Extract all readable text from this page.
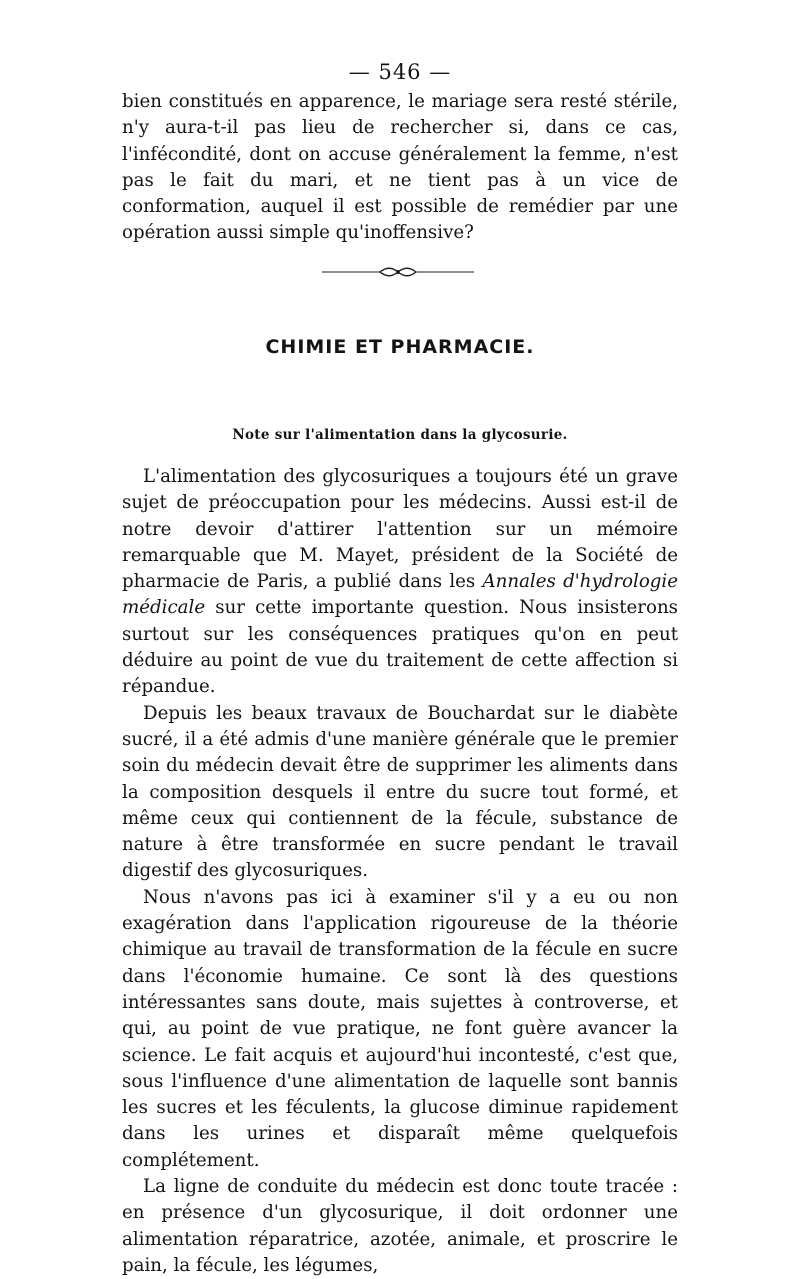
— 546 —

bien constitués en apparence, le mariage sera resté stérile, n'y aura-t-il pas lieu de rechercher si, dans ce cas, l'infécondité, dont on accuse généralement la femme, n'est pas le fait du mari, et ne tient pas à un vice de conformation, auquel il est possible de remédier par une opération aussi simple qu'inoffensive?

CHIMIE ET PHARMACIE.
Note sur l'alimentation dans la glycosurie.

L'alimentation des glycosuriques a toujours été un grave sujet de préoccupation pour les médecins. Aussi est-il de notre devoir d'attirer l'attention sur un mémoire remarquable que M. Mayet, président de la Société de pharmacie de Paris, a publié dans les Annales d'hydrologie médicale sur cette importante question. Nous insisterons surtout sur les conséquences pratiques qu'on en peut déduire au point de vue du traitement de cette affection si répandue.

Depuis les beaux travaux de Bouchardat sur le diabète sucré, il a été admis d'une manière générale que le premier soin du médecin devait être de supprimer les aliments dans la composition desquels il entre du sucre tout formé, et même ceux qui contiennent de la fécule, substance de nature à être transformée en sucre pendant le travail digestif des glycosuriques.

Nous n'avons pas ici à examiner s'il y a eu ou non exagération dans l'application rigoureuse de la théorie chimique au travail de transformation de la fécule en sucre dans l'économie humaine. Ce sont là des questions intéressantes sans doute, mais sujettes à controverse, et qui, au point de vue pratique, ne font guère avancer la science. Le fait acquis et aujourd'hui incontesté, c'est que, sous l'influence d'une alimentation de laquelle sont bannis les sucres et les féculents, la glucose diminue rapidement dans les urines et disparaît même quelquefois complétement.

La ligne de conduite du médecin est donc toute tracée : en présence d'un glycosurique, il doit ordonner une alimentation réparatrice, azotée, animale, et proscrire le pain, la fécule, les légumes,
